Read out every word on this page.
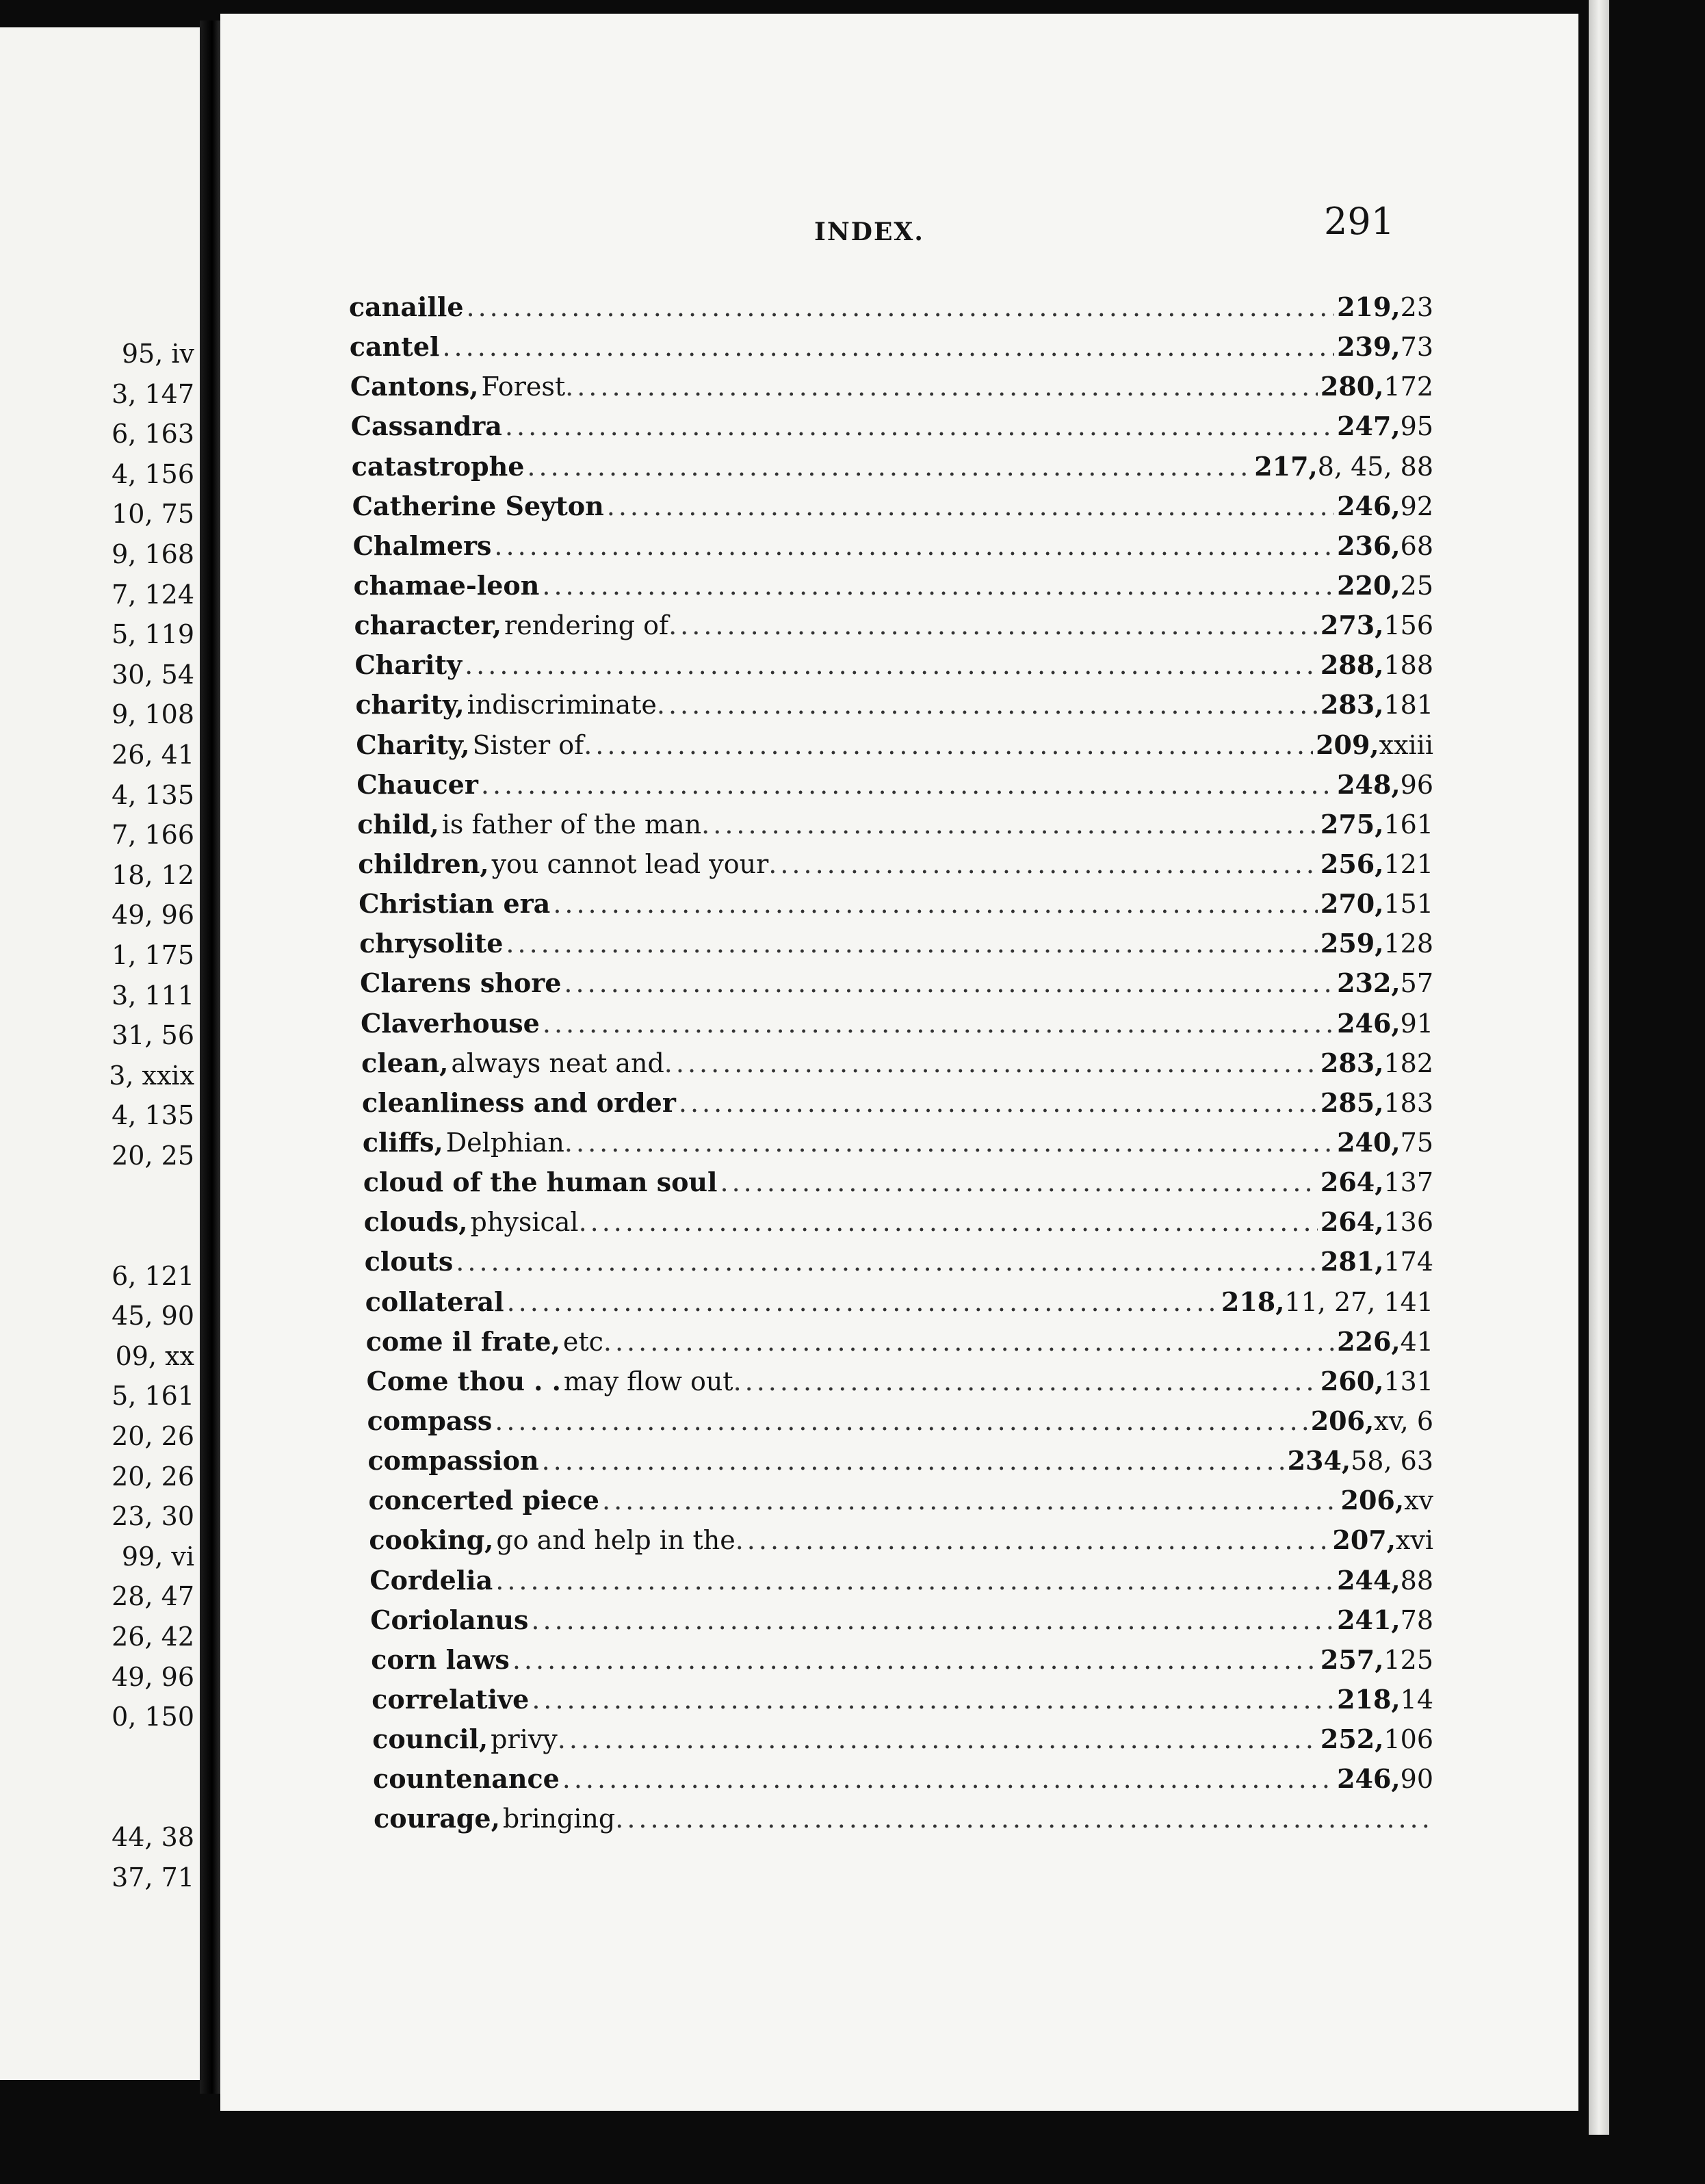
95, iv
3, 147
6, 163
4, 156
10, 75
9, 168
7, 124
5, 119
30, 54
9, 108
26, 41
4, 135
7, 166
18, 12
49, 96
1, 175
3, 111
31, 56
3, xxix
4, 135
20, 25
6, 121
45, 90
09, xx
5, 161
20, 26
20, 26
23, 30
99, vi
28, 47
26, 42
49, 96
0, 150
44, 38
37, 71
INDEX.	291
canaille .....	219, 23
cantel .....	239, 73
Cantons, Forest .....	280, 172
Cassandra .....	247, 95
catastrophe .....	217, 8, 45, 88
Catherine Seyton .....	246, 92
Chalmers .....	236, 68
chamae-leon .....	220, 25
character, rendering of .....	273, 156
Charity .....	288, 188
charity, indiscriminate .....	283, 181
Charity, Sister of .....	209, xxiii
Chaucer .....	248, 96
child, is father of the man .....	275, 161
children, you cannot lead your .....	256, 121
Christian era .....	270, 151
chrysolite .....	259, 128
Clarens shore .....	232, 57
Claverhouse .....	246, 91
clean, always neat and .....	283, 182
cleanliness and order .....	285, 183
cliffs, Delphian .....	240, 75
cloud of the human soul .....	264, 137
clouds, physical .....	264, 136
clouts .....	281, 174
collateral .....	218, 11, 27, 141
come il frate, etc .....	226, 41
Come thou . . may flow out .....	260, 131
compass .....	206, xv, 6
compassion .....	234, 58, 63
concerted piece .....	206, xv
cooking, go and help in the .....	207, xvi
Cordelia .....	244, 88
Coriolanus .....	241, 78
corn laws .....	257, 125
correlative .....	218, 14
council, privy .....	252, 106
countenance .....	246, 90
courage, bringing
.....
